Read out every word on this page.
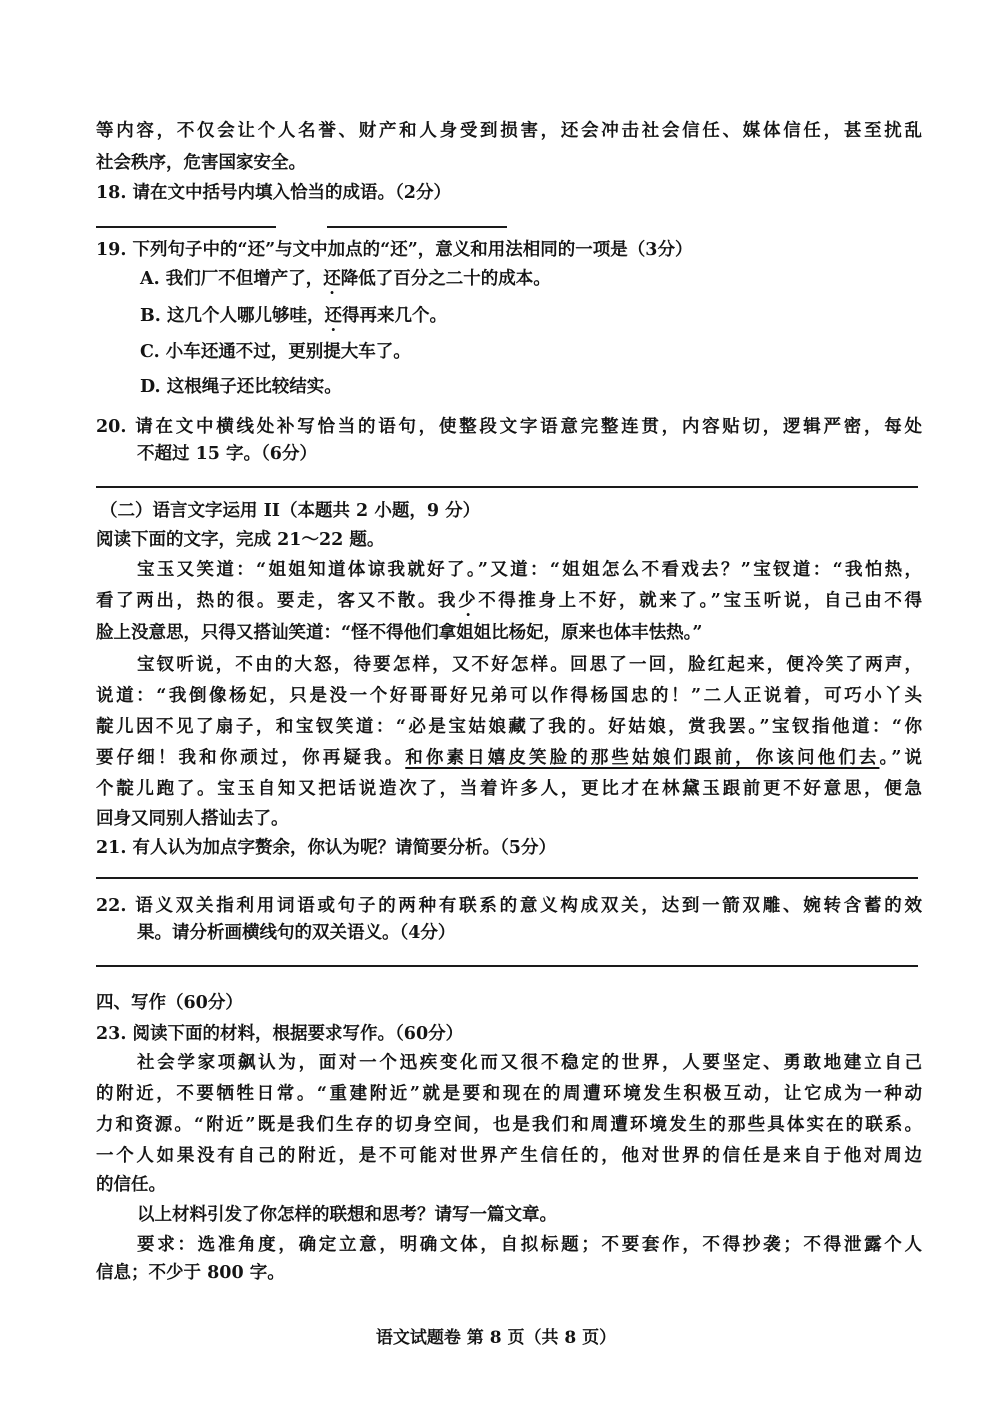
等内容，不仅会让个人名誉、财产和人身受到损害，还会冲击社会信任、媒体信任，甚至扰乱
社会秩序，危害国家安全。
18. 请在文中括号内填入恰当的成语。（2分）
19. 下列句子中的“还”与文中加点的“还”，意义和用法相同的一项是（3分）
A. 我们厂不但增产了，还降低了百分之二十的成本。
B. 这几个人哪儿够哇，还得再来几个。
C. 小车还通不过，更别提大车了。
D. 这根绳子还比较结实。
20. 请在文中横线处补写恰当的语句，使整段文字语意完整连贯，内容贴切，逻辑严密，每处
不超过 15 字。（6分）
（二）语言文字运用 II（本题共 2 小题，9 分）
阅读下面的文字，完成 21～22 题。
宝玉又笑道：“姐姐知道体谅我就好了。”又道：“姐姐怎么不看戏去？”宝钗道：“我怕热，
看了两出，热的很。要走，客又不散。我少不得推身上不好，就来了。”宝玉听说，自己由不得
脸上没意思，只得又搭讪笑道：“怪不得他们拿姐姐比杨妃，原来也体丰怯热。”
宝钗听说，不由的大怒，待要怎样，又不好怎样。回思了一回，脸红起来，便冷笑了两声，
说道：“我倒像杨妃，只是没一个好哥哥好兄弟可以作得杨国忠的！”二人正说着，可巧小丫头
靛儿因不见了扇子，和宝钗笑道：“必是宝姑娘藏了我的。好姑娘，赏我罢。”宝钗指他道：“你
要仔细！我和你顽过，你再疑我。和你素日嬉皮笑脸的那些姑娘们跟前，你该问他们去。”说
个靛儿跑了。宝玉自知又把话说造次了，当着许多人，更比才在林黛玉跟前更不好意思，便急
回身又同别人搭讪去了。
21. 有人认为加点字赘余，你认为呢？请简要分析。（5分）
22. 语义双关指利用词语或句子的两种有联系的意义构成双关，达到一箭双雕、婉转含蓄的效
果。请分析画横线句的双关语义。（4分）
四、写作（60分）
23. 阅读下面的材料，根据要求写作。（60分）
社会学家项飙认为，面对一个迅疾变化而又很不稳定的世界，人要坚定、勇敢地建立自己
的附近，不要牺牲日常。“重建附近”就是要和现在的周遭环境发生积极互动，让它成为一种动
力和资源。“附近”既是我们生存的切身空间，也是我们和周遭环境发生的那些具体实在的联系。
一个人如果没有自己的附近，是不可能对世界产生信任的，他对世界的信任是来自于他对周边
的信任。
以上材料引发了你怎样的联想和思考？请写一篇文章。
要求：选准角度，确定立意，明确文体，自拟标题；不要套作，不得抄袭；不得泄露个人
信息；不少于 800 字。
语文试题卷 第 8 页（共 8 页）
